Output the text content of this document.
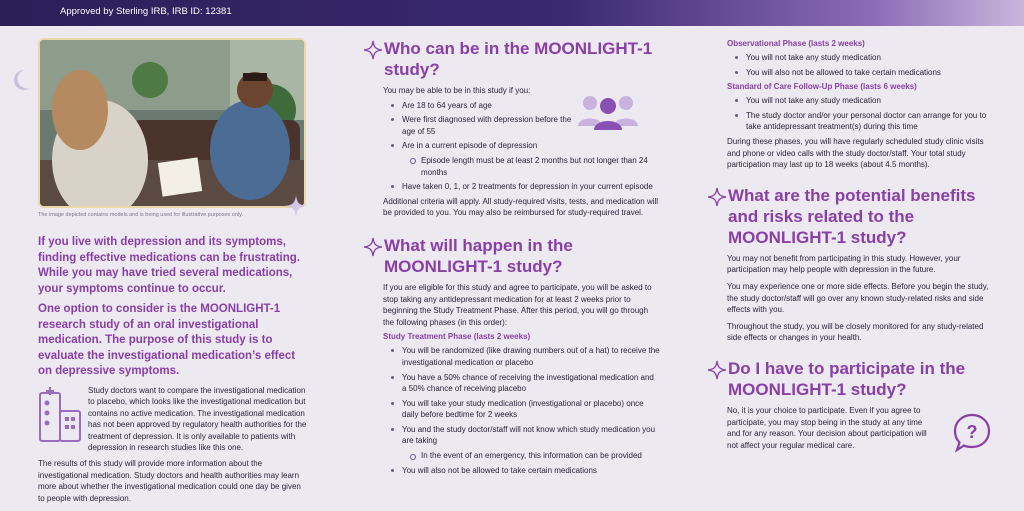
Approved by Sterling IRB, IRB ID: 12381
The image depicted contains models and is being used for illustrative purposes only.
If you live with depression and its symptoms, finding effective medications can be frustrating. While you may have tried several medications, your symptoms continue to occur.
One option to consider is the MOONLIGHT-1 research study of an oral investigational medication. The purpose of this study is to evaluate the investigational medication’s effect on depressive symptoms.
Study doctors want to compare the investigational medication to placebo, which looks like the investigational medication but contains no active medication. The investigational medication has not been approved by regulatory health authorities for the treatment of depression. It is only available to patients with depression in research studies like this one.
The results of this study will provide more information about the investigational medication. Study doctors and health authorities may learn more about whether the investigational medication could one day be given to people with depression.
Who can be in the MOONLIGHT-1 study?

You may be able to be in this study if you:

Are 18 to 64 years of age
Were first diagnosed with depression before the age of 55
Are in a current episode of depression
Episode length must be at least 2 months but not longer than 24 months
Have taken 0, 1, or 2 treatments for depression in your current episode

Additional criteria will apply. All study-required visits, tests, and medication will be provided to you. You may also be reimbursed for study-required travel.

What will happen in the MOONLIGHT-1 study?

If you are eligible for this study and agree to participate, you will be asked to stop taking any antidepressant medication for at least 2 weeks prior to beginning the Study Treatment Phase. After this period, you will go through the following phases (in this order):

Study Treatment Phase (lasts 2 weeks)
You will be randomized (like drawing numbers out of a hat) to receive the investigational medication or placebo
You have a 50% chance of receiving the investigational medication and a 50% chance of receiving placebo
You will take your study medication (investigational or placebo) once daily before bedtime for 2 weeks
You and the study doctor/staff will not know which study medication you are taking
In the event of an emergency, this information can be provided
You will also not be allowed to take certain medications
Observational Phase (lasts 2 weeks)
You will not take any study medication
You will also not be allowed to take certain medications
Standard of Care Follow-Up Phase (lasts 6 weeks)
You will not take any study medication
The study doctor and/or your personal doctor can arrange for you to take antidepressant treatment(s) during this time

During these phases, you will have regularly scheduled study clinic visits and phone or video calls with the study doctor/staff. Your total study participation may last up to 18 weeks (about 4.5 months).

What are the potential benefits and risks related to the MOONLIGHT-1 study?

You may not benefit from participating in this study. However, your participation may help people with depression in the future.

You may experience one or more side effects. Before you begin the study, the study doctor/staff will go over any known study-related risks and side effects with you.

Throughout the study, you will be closely monitored for any study-related side effects or changes in your health.

Do I have to participate in the MOONLIGHT-1 study?

No, it is your choice to participate. Even if you agree to participate, you may stop being in the study at any time and for any reason. Your decision about participation will not affect your regular medical care.

?
